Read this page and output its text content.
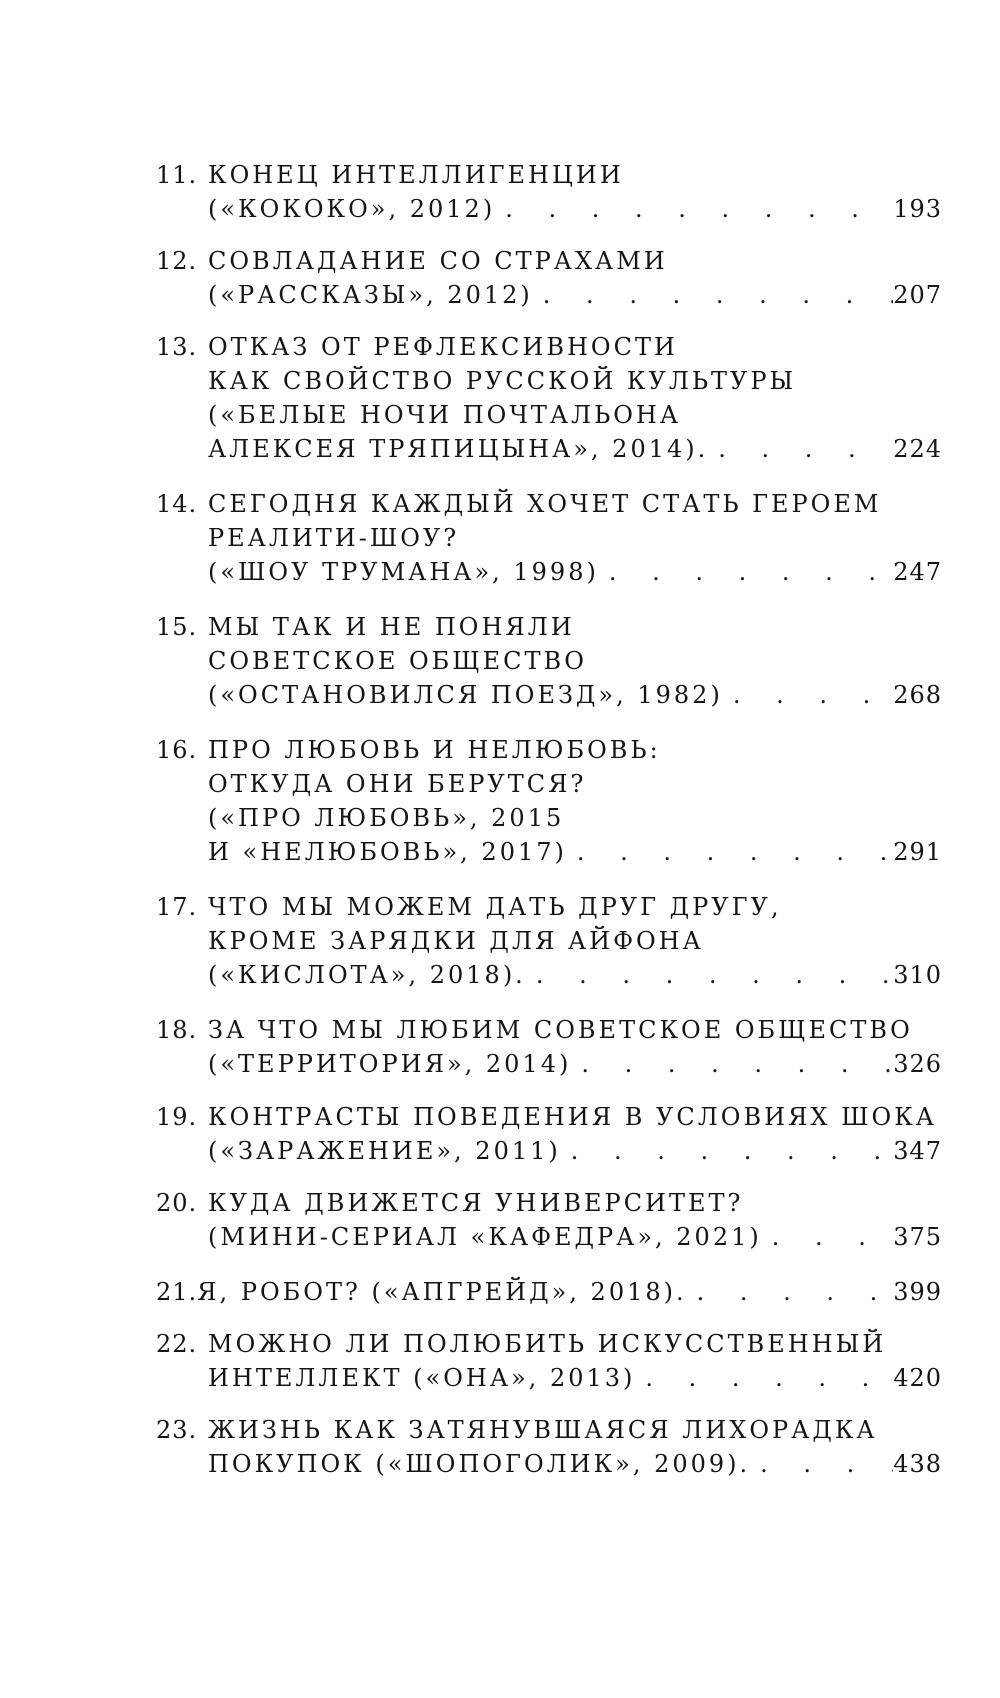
11. КОНЕЦ ИНТЕЛЛИГЕНЦИИ
(«КОКОКО», 2012) . . .	193
12. СОВЛАДАНИЕ СО СТРАХАМИ
(«РАССКАЗЫ», 2012) . . .	207
13. ОТКАЗ ОТ РЕФЛЕКСИВНОСТИ
КАК СВОЙСТВО РУССКОЙ КУЛЬТУРЫ
(«БЕЛЫЕ НОЧИ ПОЧТАЛЬОНА
АЛЕКСЕЯ ТРЯПИЦЫНА», 2014). . . .	224
14. СЕГОДНЯ КАЖДЫЙ ХОЧЕТ СТАТЬ ГЕРОЕМ
РЕАЛИТИ-ШОУ?
(«ШОУ ТРУМАНА», 1998) . . .	247
15. МЫ ТАК И НЕ ПОНЯЛИ
СОВЕТСКОЕ ОБЩЕСТВО
(«ОСТАНОВИЛСЯ ПОЕЗД», 1982) . . .	268
16. ПРО ЛЮБОВЬ И НЕЛЮБОВЬ:
ОТКУДА ОНИ БЕРУТСЯ?
(«ПРО ЛЮБОВЬ», 2015
И «НЕЛЮБОВЬ», 2017) . . .	291
17. ЧТО МЫ МОЖЕМ ДАТЬ ДРУГ ДРУГУ,
КРОМЕ ЗАРЯДКИ ДЛЯ АЙФОНА
(«КИСЛОТА», 2018). . . .	310
18. ЗА ЧТО МЫ ЛЮБИМ СОВЕТСКОЕ ОБЩЕСТВО
(«ТЕРРИТОРИЯ», 2014) . . .	326
19. КОНТРАСТЫ ПОВЕДЕНИЯ В УСЛОВИЯХ ШОКА
(«ЗАРАЖЕНИЕ», 2011) . . .	347
20. КУДА ДВИЖЕТСЯ УНИВЕРСИТЕТ?
(МИНИ-СЕРИАЛ «КАФЕДРА», 2021) . . .	375
21. Я, РОБОТ? («АПГРЕЙД», 2018). . . .	399
22. МОЖНО ЛИ ПОЛЮБИТЬ ИСКУССТВЕННЫЙ
ИНТЕЛЛЕКТ («ОНА», 2013) . . .	420
23. ЖИЗНЬ КАК ЗАТЯНУВШАЯСЯ ЛИХОРАДКА
ПОКУПОК («ШОПОГОЛИК», 2009). . . .	438
